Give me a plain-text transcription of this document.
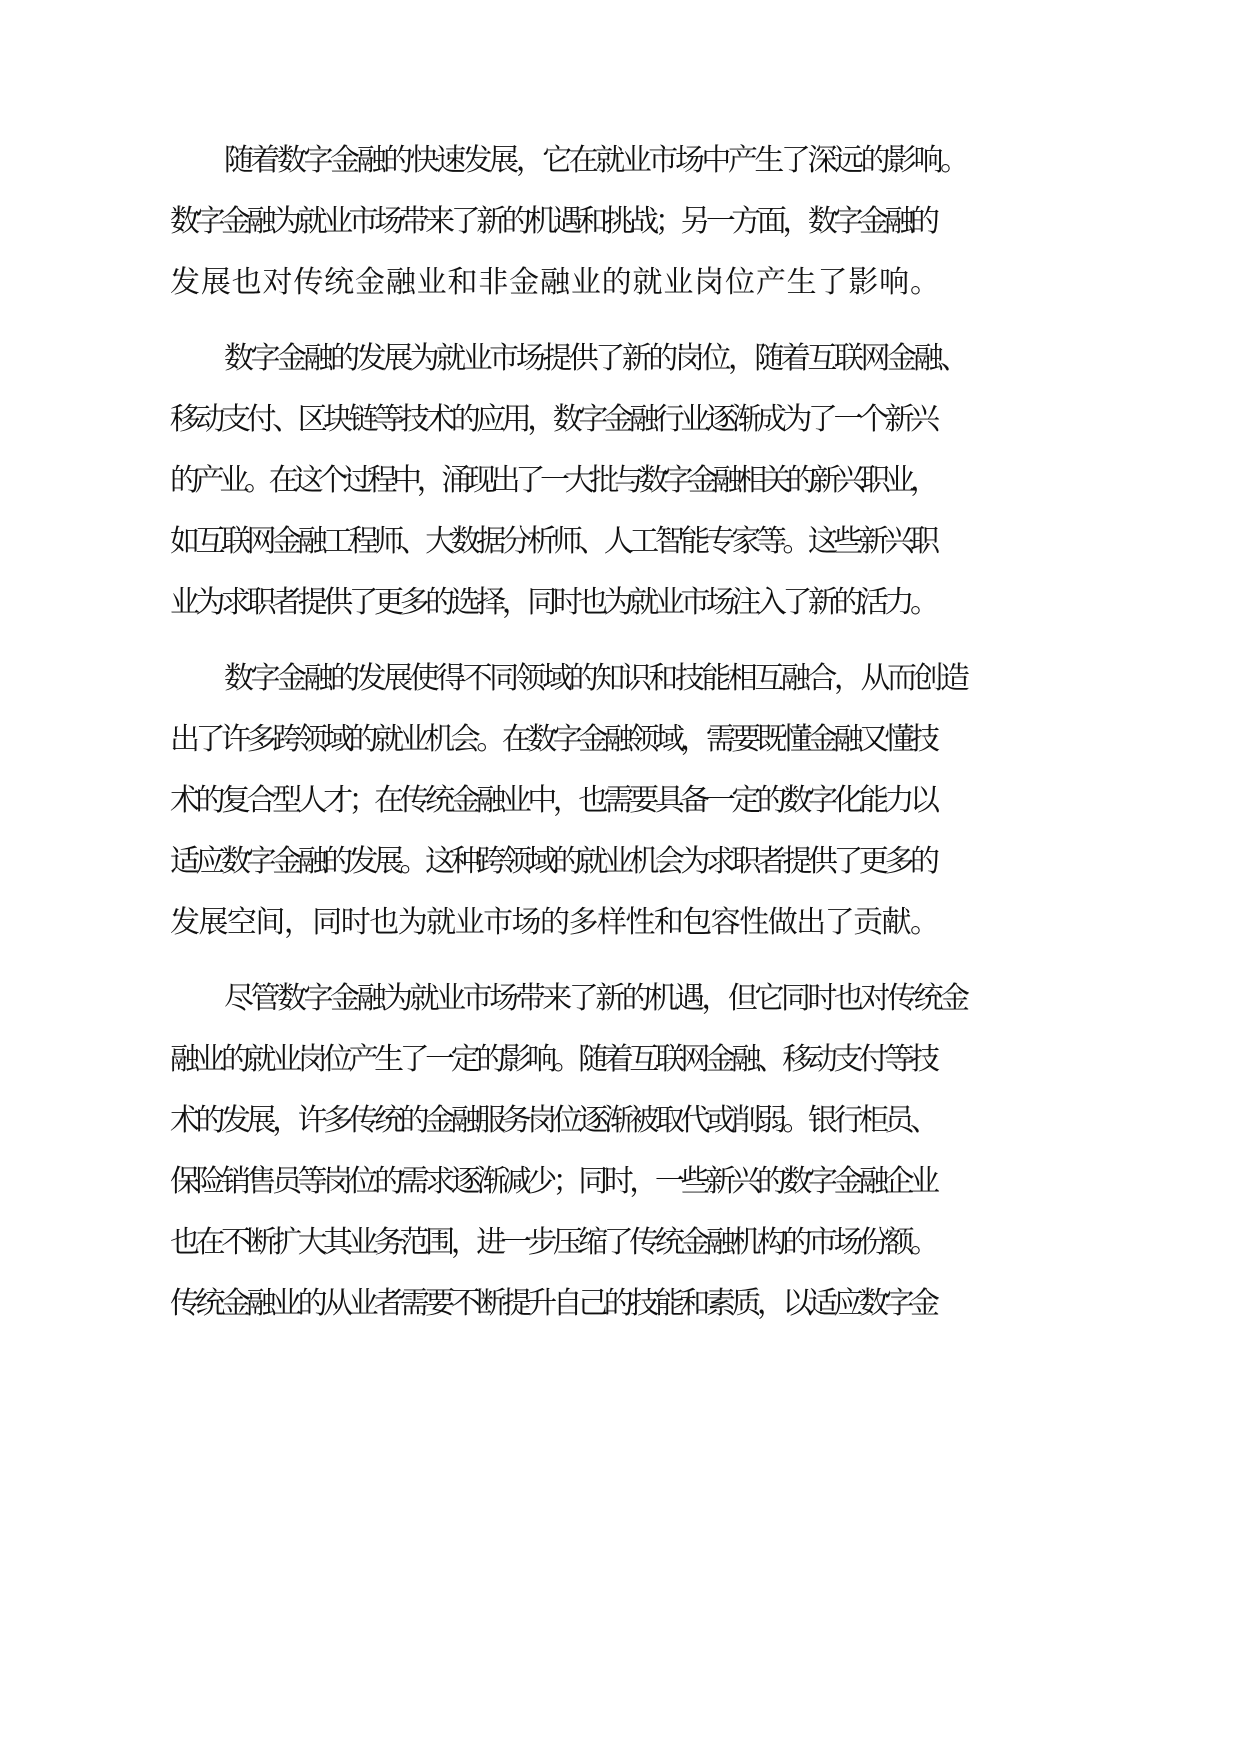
随着数字金融的快速发展，它在就业市场中产生了深远的影响。
数字金融为就业市场带来了新的机遇和挑战；另一方面，数字金融的
发展也对传统金融业和非金融业的就业岗位产生了影响。
数字金融的发展为就业市场提供了新的岗位，随着互联网金融、
移动支付、区块链等技术的应用，数字金融行业逐渐成为了一个新兴
的产业。在这个过程中，涌现出了一大批与数字金融相关的新兴职业，
如互联网金融工程师、大数据分析师、人工智能专家等。这些新兴职
业为求职者提供了更多的选择，同时也为就业市场注入了新的活力。
数字金融的发展使得不同领域的知识和技能相互融合，从而创造
出了许多跨领域的就业机会。在数字金融领域，需要既懂金融又懂技
术的复合型人才；在传统金融业中，也需要具备一定的数字化能力以
适应数字金融的发展。这种跨领域的就业机会为求职者提供了更多的
发展空间，同时也为就业市场的多样性和包容性做出了贡献。
尽管数字金融为就业市场带来了新的机遇，但它同时也对传统金
融业的就业岗位产生了一定的影响。随着互联网金融、移动支付等技
术的发展，许多传统的金融服务岗位逐渐被取代或削弱。银行柜员、
保险销售员等岗位的需求逐渐减少；同时，一些新兴的数字金融企业
也在不断扩大其业务范围，进一步压缩了传统金融机构的市场份额。
传统金融业的从业者需要不断提升自己的技能和素质，以适应数字金
